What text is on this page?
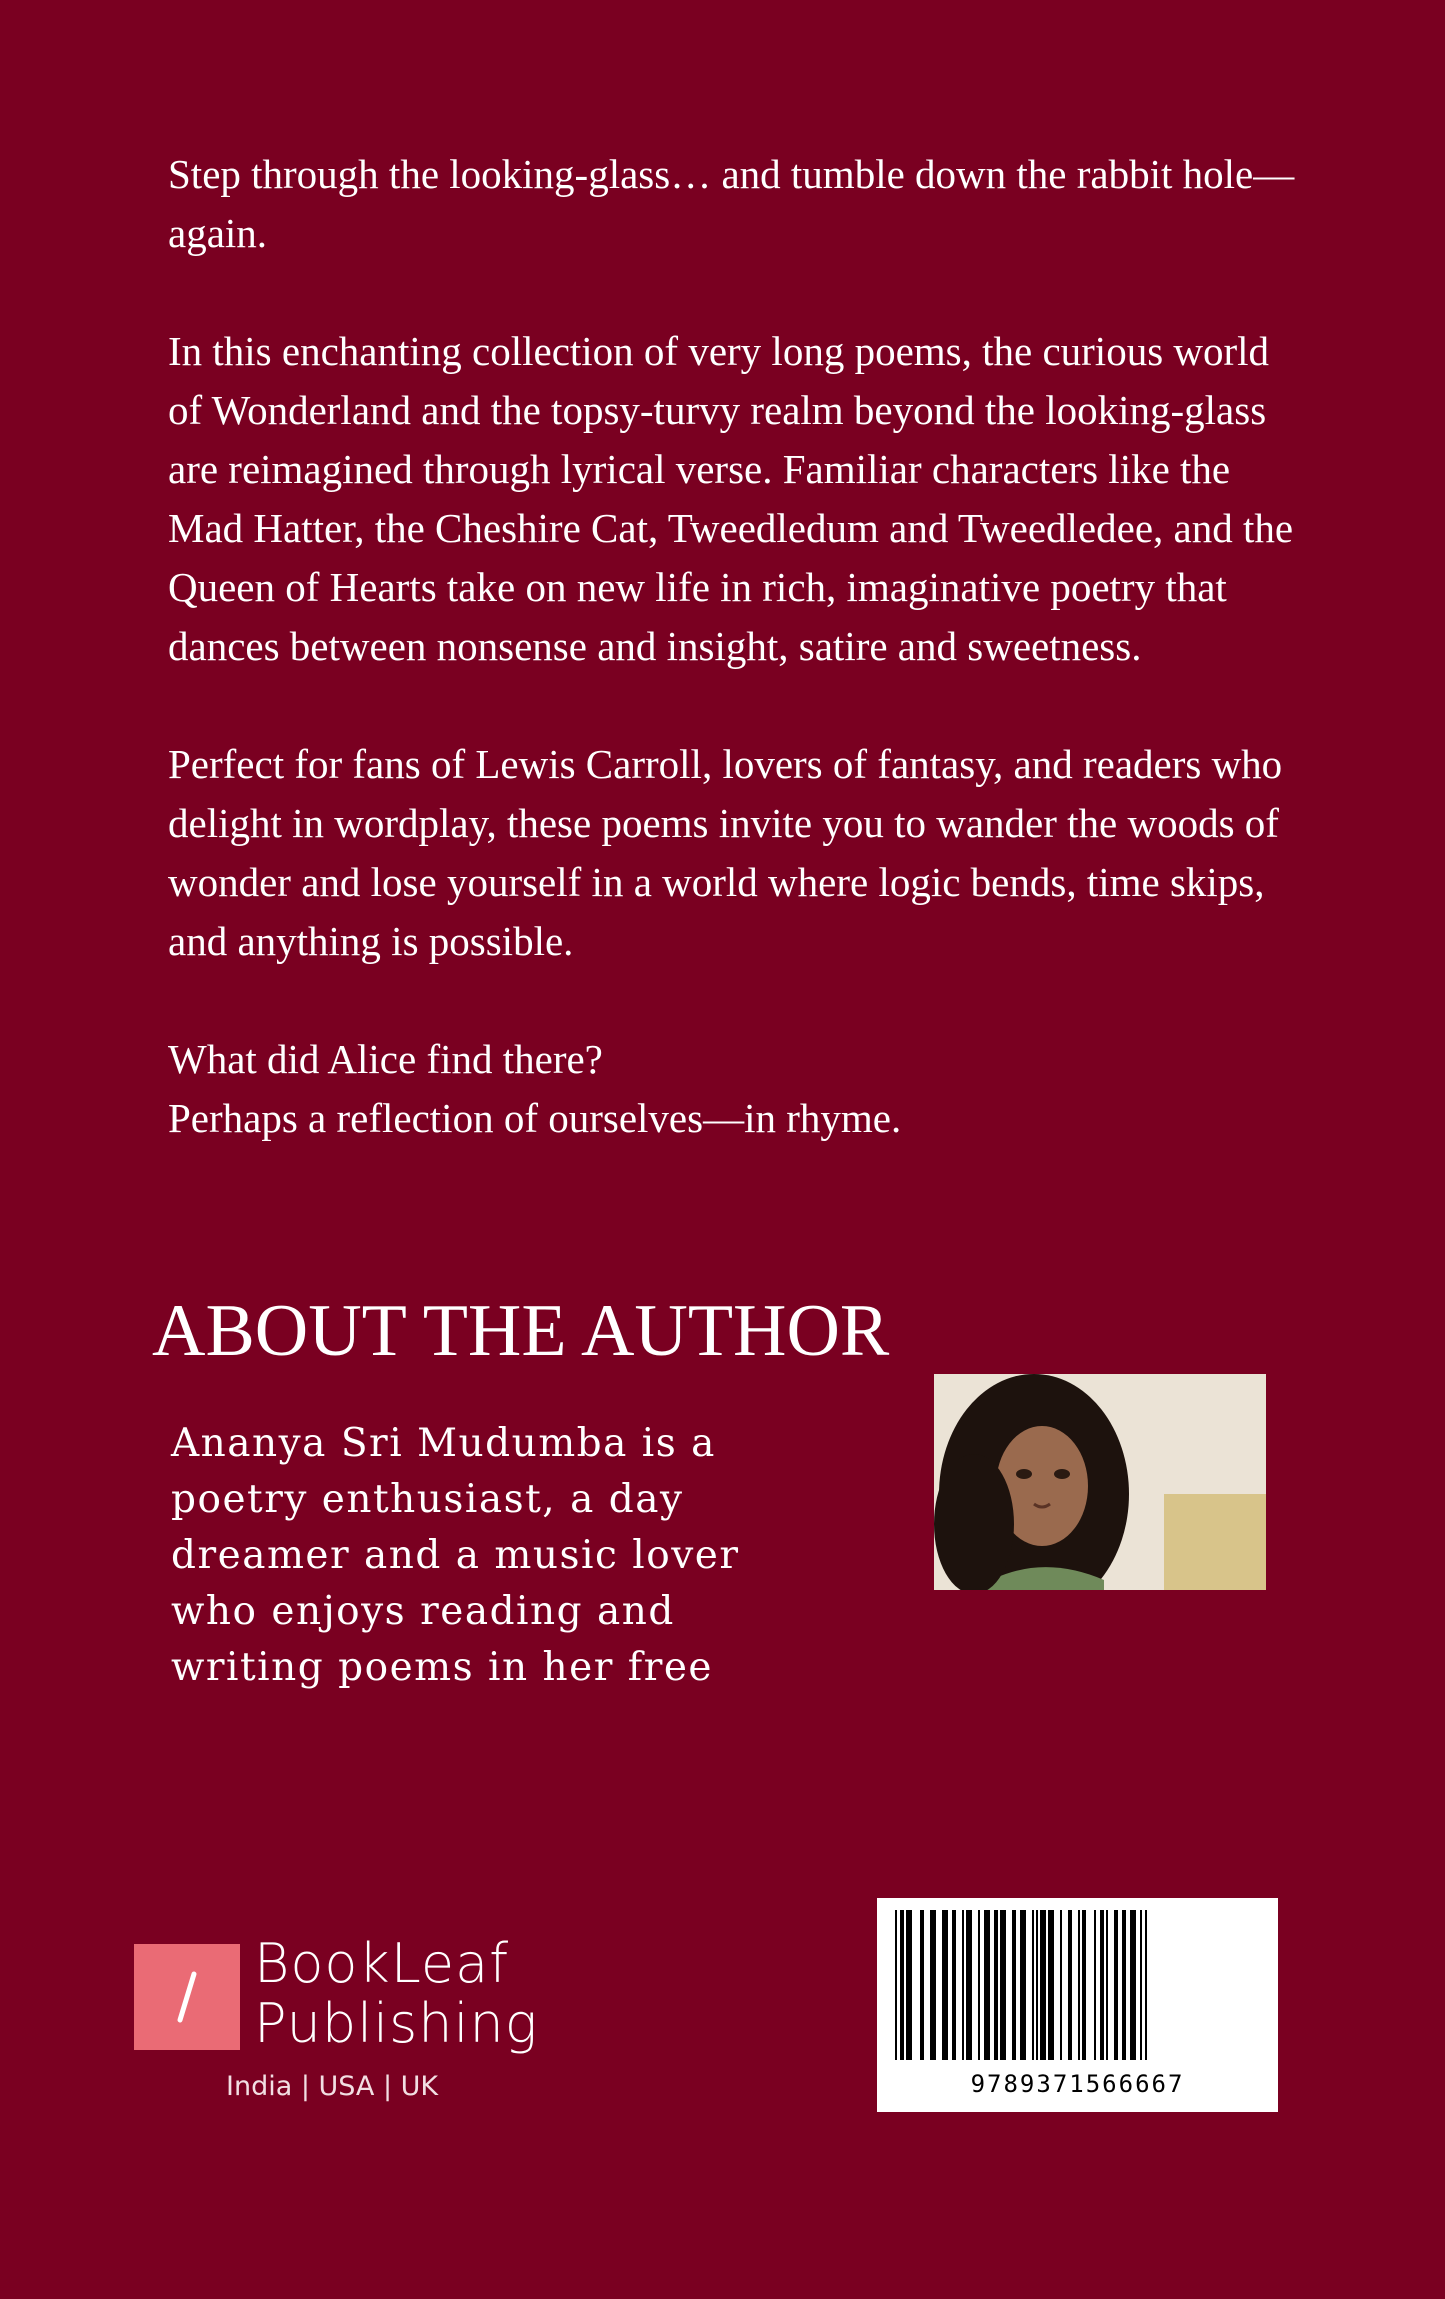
Step through the looking-glass… and tumble down the rabbit hole—again.

In this enchanting collection of very long poems, the curious world of Wonderland and the topsy-turvy realm beyond the looking-glass are reimagined through lyrical verse. Familiar characters like the Mad Hatter, the Cheshire Cat, Tweedledum and Tweedledee, and the Queen of Hearts take on new life in rich, imaginative poetry that dances between nonsense and insight, satire and sweetness.

Perfect for fans of Lewis Carroll, lovers of fantasy, and readers who delight in wordplay, these poems invite you to wander the woods of wonder and lose yourself in a world where logic bends, time skips, and anything is possible.

What did Alice find there?
Perhaps a reflection of ourselves—in rhyme.

ABOUT THE AUTHOR
Ananya Sri Mudumba is a
poetry enthusiast, a day
dreamer and a music lover
who enjoys reading and
writing poems in her free
BookLeaf
Publishing
India | USA | UK	9789371566667
